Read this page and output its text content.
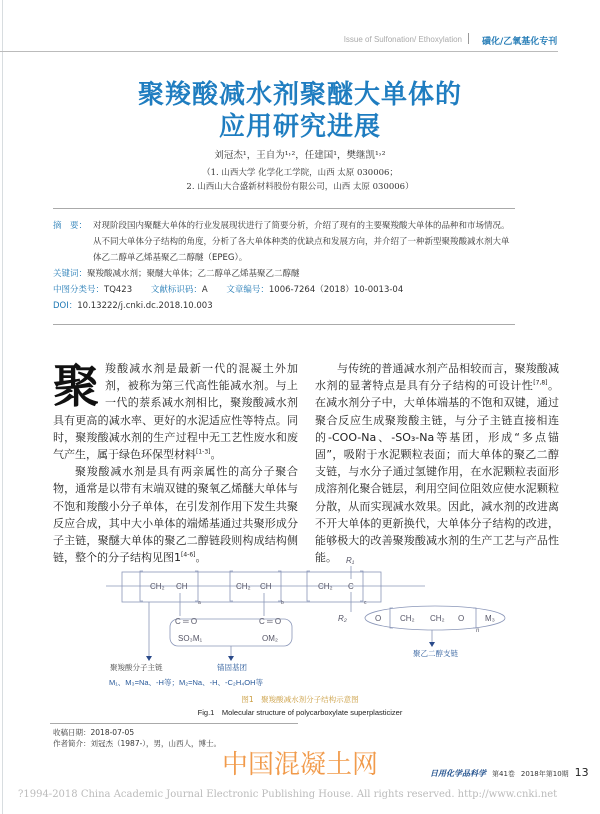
Issue of Sulfonation/ Ethoxylation 磺化/乙氧基化专刊
聚羧酸减水剂聚醚大单体的
应用研究进展
刘冠杰¹，王自为¹˒²，任建国¹，樊继凯¹˒²
（1. 山西大学 化学化工学院，山西 太原 030006；
2. 山西山大合盛新材料股份有限公司，山西 太原 030006）
摘　要： 对现阶段国内聚醚大单体的行业发展现状进行了简要分析，介绍了现有的主要聚羧酸大单体的品种和市场情况。从不同大单体分子结构的角度，分析了各大单体种类的优缺点和发展方向，并介绍了一种新型聚羧酸减水剂大单体乙二醇单乙烯基聚乙二醇醚（EPEG）。
关键词：聚羧酸减水剂；聚醚大单体；乙二醇单乙烯基聚乙二醇醚
中图分类号：TQ423 文献标识码：A 文章编号：1006-7264（2018）10-0013-04
DOI：10.13222/j.cnki.dc.2018.10.003

聚羧酸减水剂是最新一代的混凝土外加剂，被称为第三代高性能减水剂。与上一代的萘系减水剂相比，聚羧酸减水剂具有更高的减水率、更好的水泥适应性等特点。同时，聚羧酸减水剂的生产过程中无工艺性废水和废气产生，属于绿色环保型材料[1-3]。

聚羧酸减水剂是具有两亲属性的高分子聚合物，通常是以带有末端双键的聚氧乙烯醚大单体与不饱和羧酸小分子单体，在引发剂作用下发生共聚反应合成，其中大小单体的端烯基通过共聚形成分子主链，聚醚大单体的聚乙二醇链段则构成结构侧链，整个的分子结构见图1[4-6]。

与传统的普通减水剂产品相较而言，聚羧酸减水剂的显著特点是具有分子结构的可设计性[7,8]。在减水剂分子中，大单体端基的不饱和双键，通过聚合反应生成聚羧酸主链，与分子主链直接相连的-COO-Na、-SO₃-Na等基团，形成“多点锚固”，吸附于水泥颗粒表面；而大单体的聚乙二醇支链，与水分子通过氢键作用，在水泥颗粒表面形成溶剂化聚合链层，利用空间位阻效应使水泥颗粒分散，从而实现减水效果。因此，减水剂的改进离不开大单体的更新换代，大单体分子结构的改进，能够极大的改善聚羧酸减水剂的生产工艺与产品性能。

CH₂ CH
a
CH₂ CH
b
CH₂ C
c
R₁
R₂
C ═ O	C ═ O
SO₃M₁	OM₂
O CH₂ CH₂ O
n
M₃
聚羧酸分子主链	锚固基团
聚乙二醇支链
M₁、M₃=Na、-H等；M₂=Na、-H、-C₂H₄OH等
图1　聚羧酸减水剂分子结构示意图
Fig.1　Molecular structure of polycarboxylate superplasticizer
收稿日期：2018-07-05
作者简介：刘冠杰（1987-），男，山西人，博士。
中国混凝土网	日用化学品科学 第41卷 2018年第10期 13
?1994-2018 China Academic Journal Electronic Publishing House. All rights reserved. http://www.cnki.net
